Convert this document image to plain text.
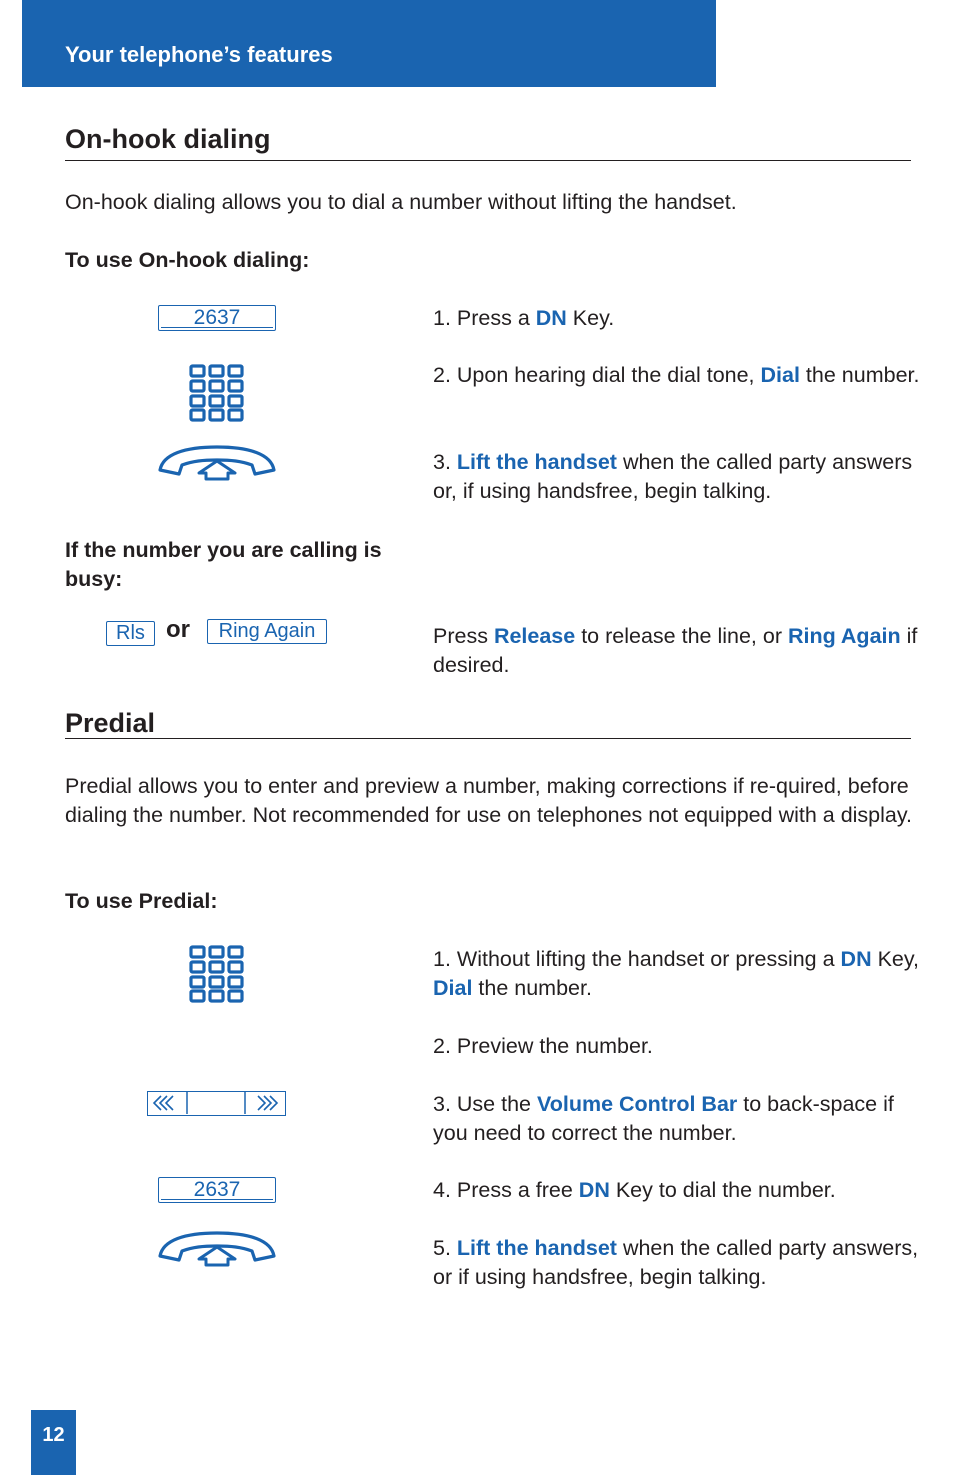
Your telephone’s features
On-hook dialing
On-hook dialing allows you to dial a number without lifting the handset.
To use On-hook dialing:
2637	1. Press a DN Key.
2. Upon hearing dial the dial tone, Dial the number.
3. Lift the handset when the called party answers or, if using handsfree, begin talking.
If the number you are calling is busy:
Rls or	Ring Again	Press Release to release the line, or Ring Again if desired.
Predial
Predial allows you to enter and preview a number, making corrections if re-quired, before dialing the number. Not recommended for use on telephones not equipped with a display.
To use Predial:
1. Without lifting the handset or pressing a DN Key, Dial the number.
2. Preview the number.
3. Use the Volume Control Bar to back-space if you need to correct the number.
2637	4. Press a free DN Key to dial the number.
5. Lift the handset when the called party answers, or if using handsfree, begin talking.
12
